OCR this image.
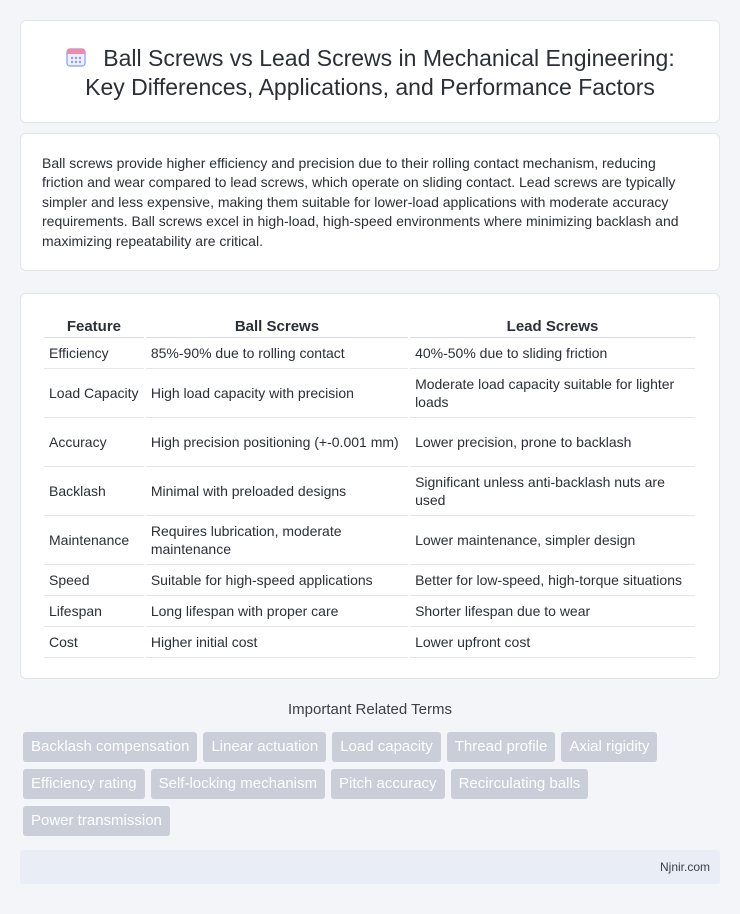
Ball Screws vs Lead Screws in Mechanical Engineering:
Key Differences, Applications, and Performance Factors

Ball screws provide higher efficiency and precision due to their rolling contact mechanism, reducing friction and wear compared to lead screws, which operate on sliding contact. Lead screws are typically simpler and less expensive, making them suitable for lower-load applications with moderate accuracy requirements. Ball screws excel in high-load, high-speed environments where minimizing backlash and maximizing repeatability are critical.

Feature	Ball Screws	Lead Screws
Efficiency	85%-90% due to rolling contact	40%-50% due to sliding friction
Load Capacity	High load capacity with precision	Moderate load capacity suitable for lighter loads
Accuracy	High precision positioning (+-0.001 mm)	Lower precision, prone to backlash
Backlash	Minimal with preloaded designs	Significant unless anti-backlash nuts are used
Maintenance	Requires lubrication, moderate maintenance	Lower maintenance, simpler design
Speed	Suitable for high-speed applications	Better for low-speed, high-torque situations
Lifespan	Long lifespan with proper care	Shorter lifespan due to wear
Cost	Higher initial cost	Lower upfront cost
Important Related Terms
Backlash compensation	Linear actuation	Load capacity	Thread profile	Axial rigidity
Efficiency rating	Self-locking mechanism	Pitch accuracy	Recirculating balls
Power transmission
Njnir.com
